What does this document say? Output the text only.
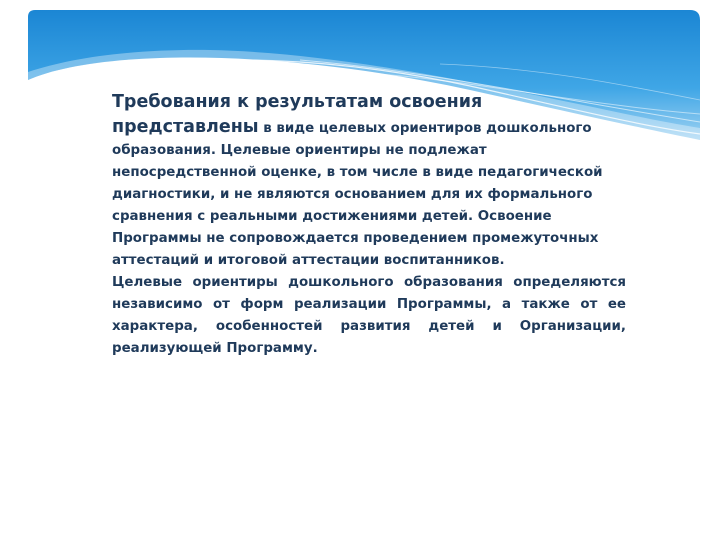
Требования к результатам освоения представлены в виде целевых ориентиров дошкольного образования. Целевые ориентиры не подлежат непосредственной оценке, в том числе в виде педагогической диагностики, и не являются основанием для их формального сравнения с реальными достижениями детей. Освоение Программы не сопровождается проведением промежуточных аттестаций и итоговой аттестации воспитанников.

Целевые ориентиры дошкольного образования определяются независимо от форм реализации Программы, а также от ее характера, особенностей развития детей и Организации, реализующей Программу.
